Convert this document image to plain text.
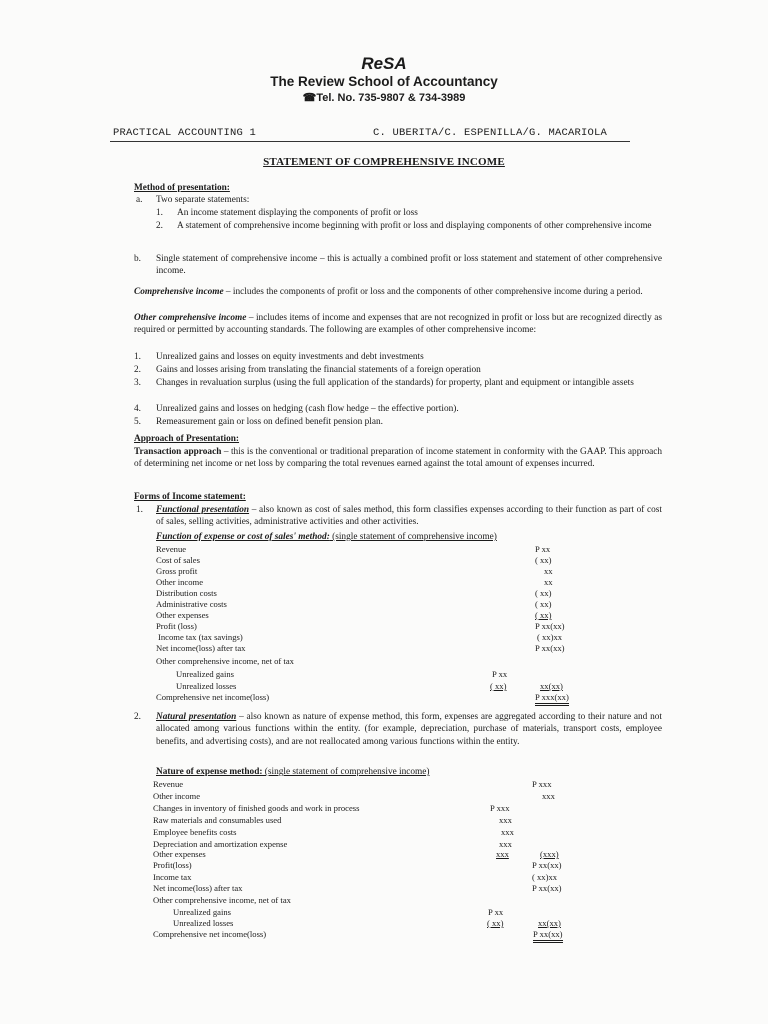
ReSA
The Review School of Accountancy
☎Tel. No. 735-9807 & 734-3989
PRACTICAL ACCOUNTING 1	C. UBERITA/C. ESPENILLA/G. MACARIOLA
STATEMENT OF COMPREHENSIVE INCOME
Method of presentation:
a. Two separate statements:
1. An income statement displaying the components of profit or loss
2. A statement of comprehensive income beginning with profit or loss and displaying components of other comprehensive income
b. Single statement of comprehensive income – this is actually a combined profit or loss statement and statement of other comprehensive income.
Comprehensive income – includes the components of profit or loss and the components of other comprehensive income during a period.
Other comprehensive income – includes items of income and expenses that are not recognized in profit or loss but are recognized directly as required or permitted by accounting standards. The following are examples of other comprehensive income:
1. Unrealized gains and losses on equity investments and debt investments
2. Gains and losses arising from translating the financial statements of a foreign operation
3. Changes in revaluation surplus (using the full application of the standards) for property, plant and equipment or intangible assets
4. Unrealized gains and losses on hedging (cash flow hedge – the effective portion).
5. Remeasurement gain or loss on defined benefit pension plan.
Approach of Presentation:
Transaction approach – this is the conventional or traditional preparation of income statement in conformity with the GAAP. This approach of determining net income or net loss by comparing the total revenues earned against the total amount of expenses incurred.
Forms of Income statement:
1. Functional presentation – also known as cost of sales method, this form classifies expenses according to their function as part of cost of sales, selling activities, administrative activities and other activities.
Function of expense or cost of sales' method: (single statement of comprehensive income)
Revenue	P xx
Cost of sales	( xx)
Gross profit	xx
Other income	xx
Distribution costs	( xx)
Administrative costs	( xx)
Other expenses	( xx)
Profit (loss)	P xx(xx)
Income tax (tax savings)	( xx)xx
Net income(loss) after tax	P xx(xx)
Other comprehensive income, net of tax
Unrealized gains	P xx
Unrealized losses	( xx)	xx(xx)
Comprehensive net income(loss)	P xxx(xx)
2. Natural presentation – also known as nature of expense method, this form, expenses are aggregated according to their nature and not allocated among various functions within the entity. (for example, depreciation, purchase of materials, transport costs, employee benefits, and advertising costs), and are not reallocated among various functions within the entity.
Nature of expense method: (single statement of comprehensive income)
Revenue	P xxx
Other income	xxx
Changes in inventory of finished goods and work in process	P xxx
Raw materials and consumables used	xxx
Employee benefits costs	xxx
Depreciation and amortization expense	xxx
Other expenses	xxx	(xxx)
Profit(loss)	P xx(xx)
Income tax	( xx)xx
Net income(loss) after tax	P xx(xx)
Other comprehensive income, net of tax
Unrealized gains	P xx
Unrealized losses	( xx)	xx(xx)
Comprehensive net income(loss)	P xx(xx)
